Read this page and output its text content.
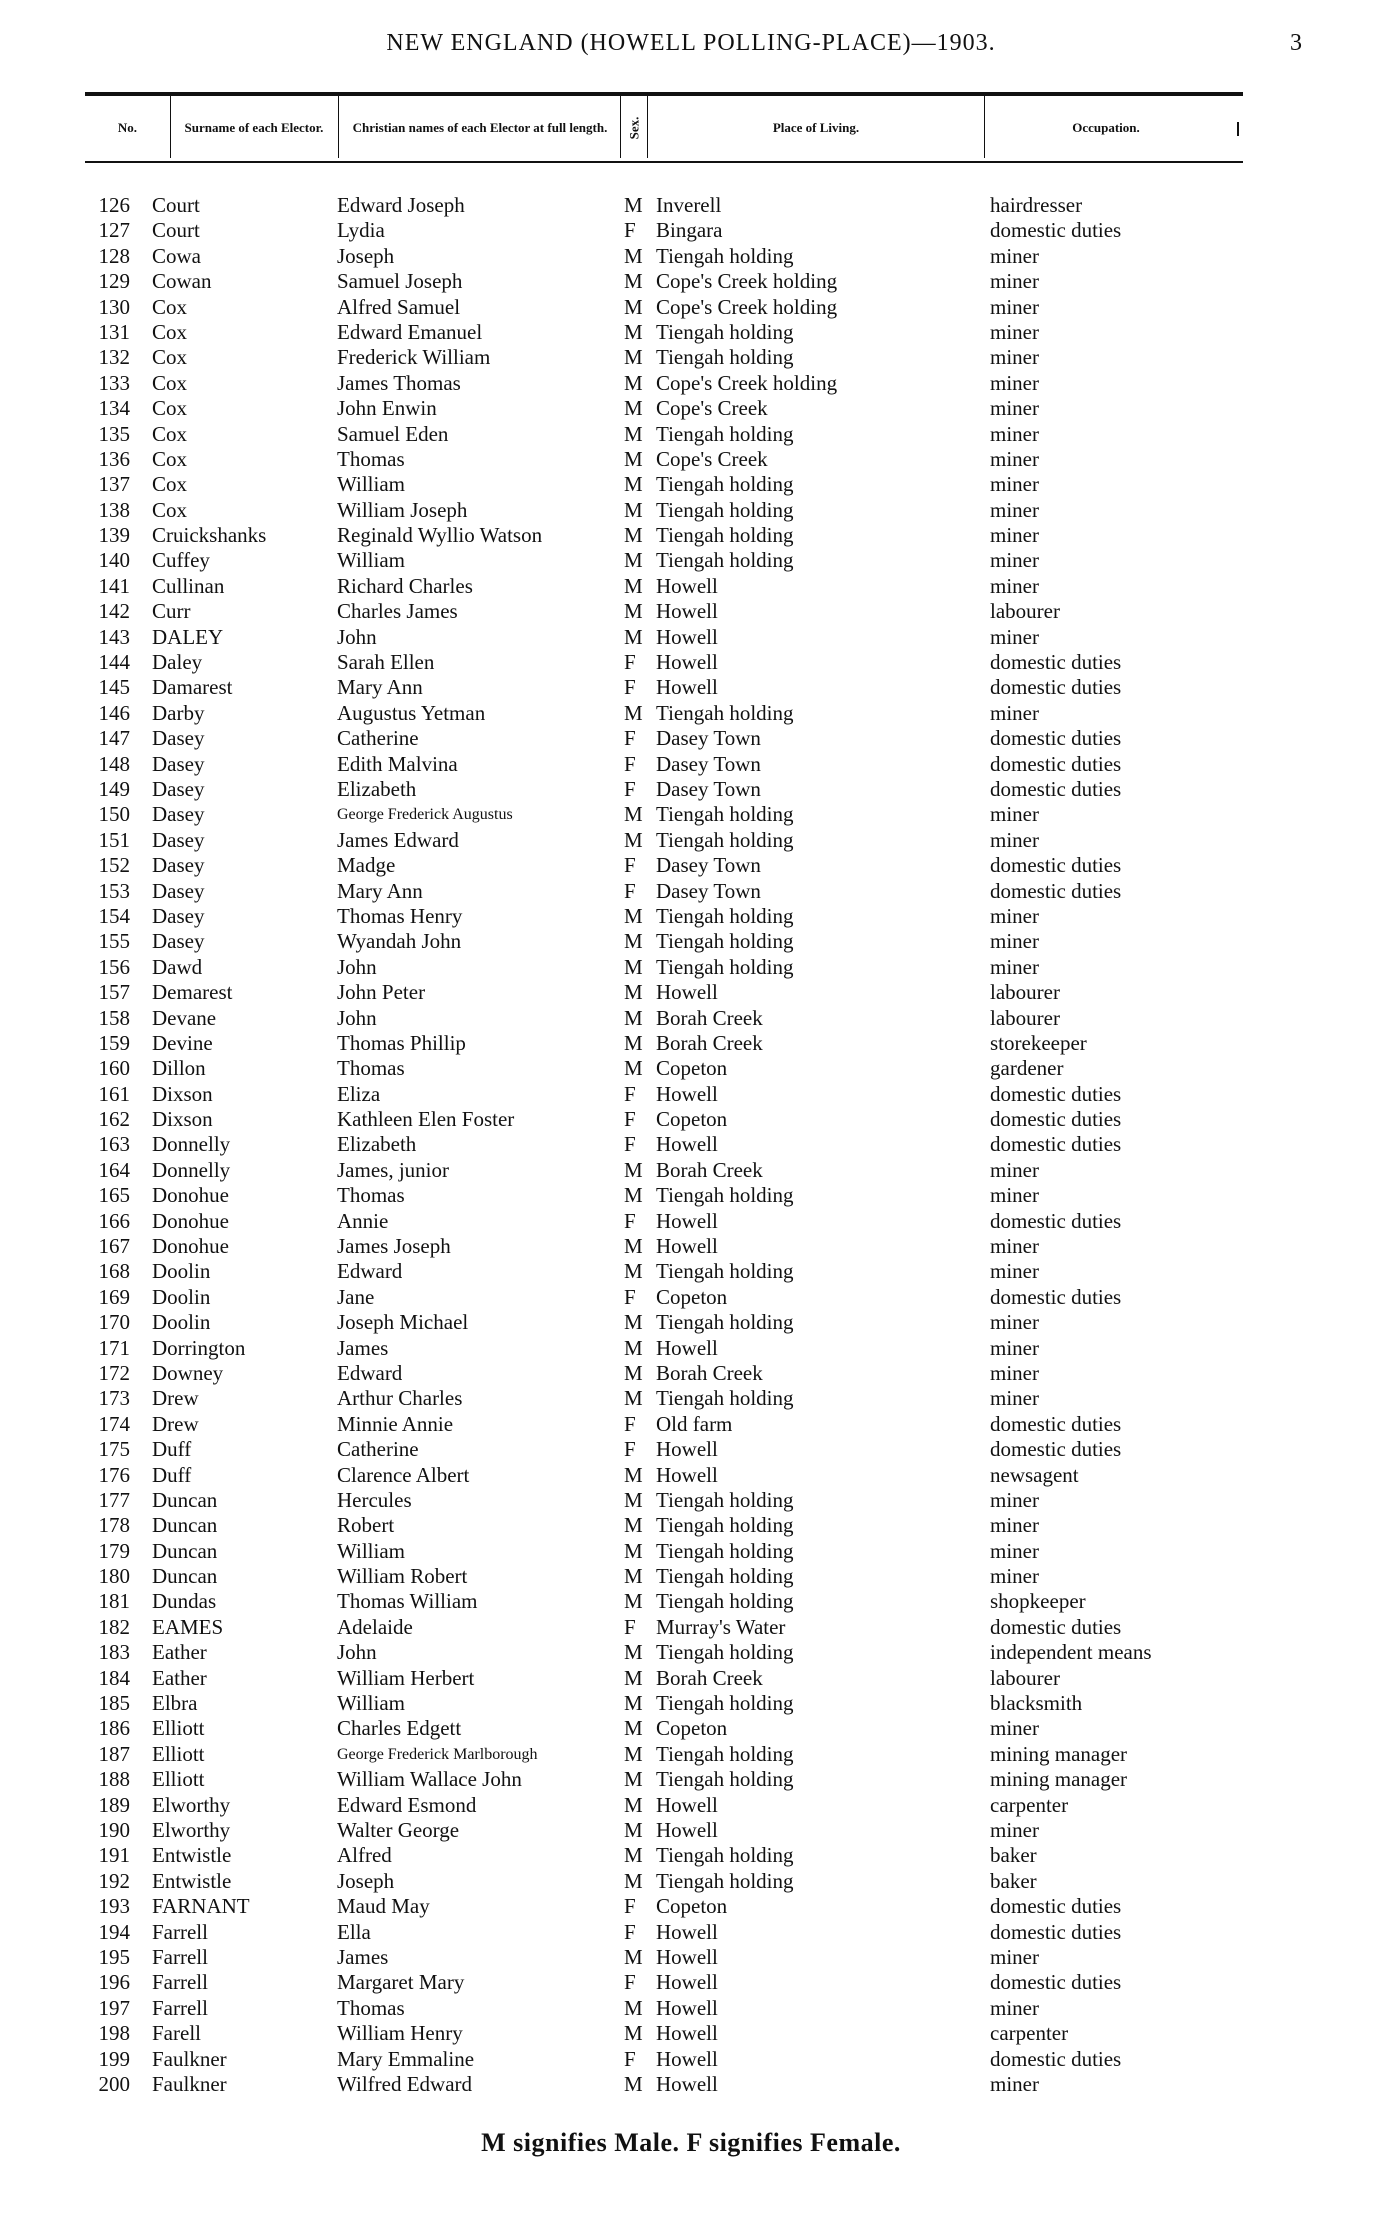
NEW ENGLAND (HOWELL POLLING-PLACE)—1903.	3
No.	Surname of each Elector.	Christian names of each Elector at full length.	Sex.	Place of Living.	Occupation.
126 Court	Edward Joseph	M Inverell	hairdresser
127 Court	Lydia	F Bingara	domestic duties
128 Cowa	Joseph	M Tiengah holding	miner
129 Cowan	Samuel Joseph	M Cope's Creek holding	miner
130 Cox	Alfred Samuel	M Cope's Creek holding	miner
131 Cox	Edward Emanuel	M Tiengah holding	miner
132 Cox	Frederick William	M Tiengah holding	miner
133 Cox	James Thomas	M Cope's Creek holding	miner
134 Cox	John Enwin	M Cope's Creek	miner
135 Cox	Samuel Eden	M Tiengah holding	miner
136 Cox	Thomas	M Cope's Creek	miner
137 Cox	William	M Tiengah holding	miner
138 Cox	William Joseph	M Tiengah holding	miner
139 Cruickshanks	Reginald Wyllio Watson	M Tiengah holding	miner
140 Cuffey	William	M Tiengah holding	miner
141 Cullinan	Richard Charles	M Howell	miner
142 Curr	Charles James	M Howell	labourer
143 DALEY	John	M Howell	miner
144 Daley	Sarah Ellen	F Howell	domestic duties
145 Damarest	Mary Ann	F Howell	domestic duties
146 Darby	Augustus Yetman	M Tiengah holding	miner
147 Dasey	Catherine	F Dasey Town	domestic duties
148 Dasey	Edith Malvina	F Dasey Town	domestic duties
149 Dasey	Elizabeth	F Dasey Town	domestic duties
150 Dasey	George Frederick Augustus	M Tiengah holding	miner
151 Dasey	James Edward	M Tiengah holding	miner
152 Dasey	Madge	F Dasey Town	domestic duties
153 Dasey	Mary Ann	F Dasey Town	domestic duties
154 Dasey	Thomas Henry	M Tiengah holding	miner
155 Dasey	Wyandah John	M Tiengah holding	miner
156 Dawd	John	M Tiengah holding	miner
157 Demarest	John Peter	M Howell	labourer
158 Devane	John	M Borah Creek	labourer
159 Devine	Thomas Phillip	M Borah Creek	storekeeper
160 Dillon	Thomas	M Copeton	gardener
161 Dixson	Eliza	F Howell	domestic duties
162 Dixson	Kathleen Elen Foster	F Copeton	domestic duties
163 Donnelly	Elizabeth	F Howell	domestic duties
164 Donnelly	James, junior	M Borah Creek	miner
165 Donohue	Thomas	M Tiengah holding	miner
166 Donohue	Annie	F Howell	domestic duties
167 Donohue	James Joseph	M Howell	miner
168 Doolin	Edward	M Tiengah holding	miner
169 Doolin	Jane	F Copeton	domestic duties
170 Doolin	Joseph Michael	M Tiengah holding	miner
171 Dorrington	James	M Howell	miner
172 Downey	Edward	M Borah Creek	miner
173 Drew	Arthur Charles	M Tiengah holding	miner
174 Drew	Minnie Annie	F Old farm	domestic duties
175 Duff	Catherine	F Howell	domestic duties
176 Duff	Clarence Albert	M Howell	newsagent
177 Duncan	Hercules	M Tiengah holding	miner
178 Duncan	Robert	M Tiengah holding	miner
179 Duncan	William	M Tiengah holding	miner
180 Duncan	William Robert	M Tiengah holding	miner
181 Dundas	Thomas William	M Tiengah holding	shopkeeper
182 EAMES	Adelaide	F Murray's Water	domestic duties
183 Eather	John	M Tiengah holding	independent means
184 Eather	William Herbert	M Borah Creek	labourer
185 Elbra	William	M Tiengah holding	blacksmith
186 Elliott	Charles Edgett	M Copeton	miner
187 Elliott	George Frederick Marlborough	M Tiengah holding	mining manager
188 Elliott	William Wallace John	M Tiengah holding	mining manager
189 Elworthy	Edward Esmond	M Howell	carpenter
190 Elworthy	Walter George	M Howell	miner
191 Entwistle	Alfred	M Tiengah holding	baker
192 Entwistle	Joseph	M Tiengah holding	baker
193 FARNANT	Maud May	F Copeton	domestic duties
194 Farrell	Ella	F Howell	domestic duties
195 Farrell	James	M Howell	miner
196 Farrell	Margaret Mary	F Howell	domestic duties
197 Farrell	Thomas	M Howell	miner
198 Farell	William Henry	M Howell	carpenter
199 Faulkner	Mary Emmaline	F Howell	domestic duties
200 Faulkner	Wilfred Edward	M Howell	miner
M signifies Male. F signifies Female.
